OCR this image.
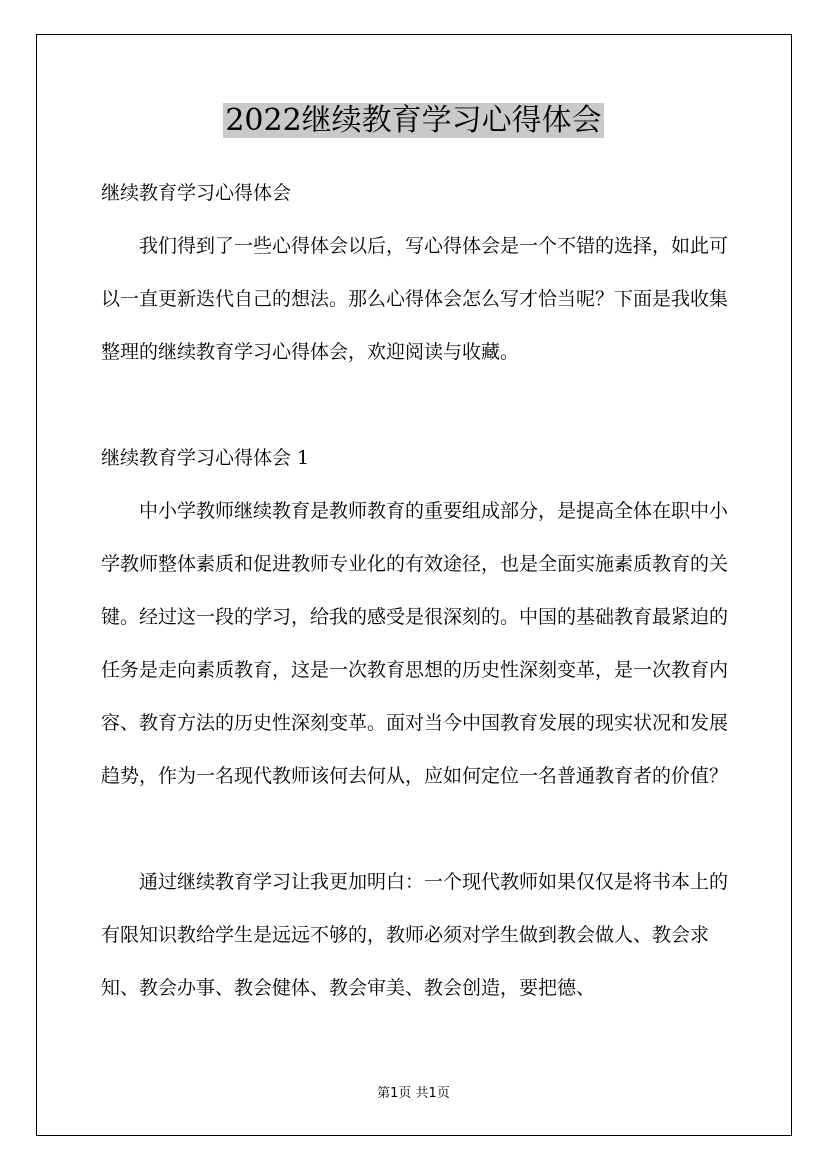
2022继续教育学习心得体会

继续教育学习心得体会

我们得到了一些心得体会以后，写心得体会是一个不错的选择，如此可以一直更新迭代自己的想法。那么心得体会怎么写才恰当呢？下面是我收集整理的继续教育学习心得体会，欢迎阅读与收藏。

继续教育学习心得体会 1

中小学教师继续教育是教师教育的重要组成部分，是提高全体在职中小学教师整体素质和促进教师专业化的有效途径，也是全面实施素质教育的关键。经过这一段的学习，给我的感受是很深刻的。中国的基础教育最紧迫的任务是走向素质教育，这是一次教育思想的历史性深刻变革，是一次教育内容、教育方法的历史性深刻变革。面对当今中国教育发展的现实状况和发展趋势，作为一名现代教师该何去何从，应如何定位一名普通教育者的价值？

通过继续教育学习让我更加明白：一个现代教师如果仅仅是将书本上的有限知识教给学生是远远不够的，教师必须对学生做到教会做人、教会求知、教会办事、教会健体、教会审美、教会创造，要把德、

第1页 共1页
